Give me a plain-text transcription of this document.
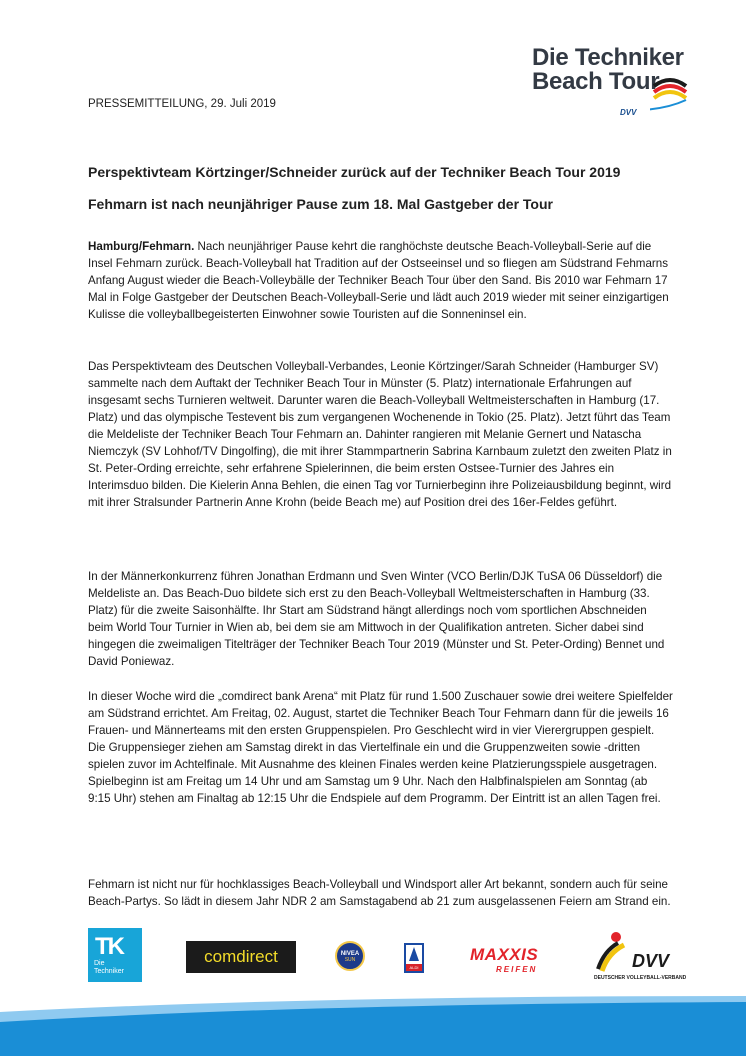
Die Techniker
Beach Tour
DVV
PRESSEMITTEILUNG, 29. Juli 2019
Perspektivteam Körtzinger/Schneider zurück auf der Techniker Beach Tour 2019
Fehmarn ist nach neunjähriger Pause zum 18. Mal Gastgeber der Tour
Hamburg/Fehmarn. Nach neunjähriger Pause kehrt die ranghöchste deutsche Beach-Volleyball-Serie auf die Insel Fehmarn zurück. Beach-Volleyball hat Tradition auf der Ostseeinsel und so fliegen am Südstrand Fehmarns Anfang August wieder die Beach-Volleybälle der Techniker Beach Tour über den Sand. Bis 2010 war Fehmarn 17 Mal in Folge Gastgeber der Deutschen Beach-Volleyball-Serie und lädt auch 2019 wieder mit seiner einzigartigen Kulisse die volleyballbegeisterten Einwohner sowie Touristen auf die Sonneninsel ein.
Das Perspektivteam des Deutschen Volleyball-Verbandes, Leonie Körtzinger/Sarah Schneider (Hamburger SV) sammelte nach dem Auftakt der Techniker Beach Tour in Münster (5. Platz) internationale Erfahrungen auf insgesamt sechs Turnieren weltweit. Darunter waren die Beach-Volleyball Weltmeisterschaften in Hamburg (17. Platz) und das olympische Testevent bis zum vergangenen Wochenende in Tokio (25. Platz). Jetzt führt das Team die Meldeliste der Techniker Beach Tour Fehmarn an. Dahinter rangieren mit Melanie Gernert und Natascha Niemczyk (SV Lohhof/TV Dingolfing), die mit ihrer Stammpartnerin Sabrina Karnbaum zuletzt den zweiten Platz in St. Peter-Ording erreichte, sehr erfahrene Spielerinnen, die beim ersten Ostsee-Turnier des Jahres ein Interimsduo bilden. Die Kielerin Anna Behlen, die einen Tag vor Turnierbeginn ihre Polizeiausbildung beginnt, wird mit ihrer Stralsunder Partnerin Anne Krohn (beide Beach me) auf Position drei des 16er-Feldes geführt.
In der Männerkonkurrenz führen Jonathan Erdmann und Sven Winter (VCO Berlin/DJK TuSA 06 Düsseldorf) die Meldeliste an. Das Beach-Duo bildete sich erst zu den Beach-Volleyball Weltmeisterschaften in Hamburg (33. Platz) für die zweite Saisonhälfte. Ihr Start am Südstrand hängt allerdings noch vom sportlichen Abschneiden beim World Tour Turnier in Wien ab, bei dem sie am Mittwoch in der Qualifikation antreten. Sicher dabei sind hingegen die zweimaligen Titelträger der Techniker Beach Tour 2019 (Münster und St. Peter-Ording) Bennet und David Poniewaz.
In dieser Woche wird die „comdirect bank Arena“ mit Platz für rund 1.500 Zuschauer sowie drei weitere Spielfelder am Südstrand errichtet. Am Freitag, 02. August, startet die Techniker Beach Tour Fehmarn dann für die jeweils 16 Frauen- und Männerteams mit den ersten Gruppenspielen. Pro Geschlecht wird in vier Vierergruppen gespielt. Die Gruppensieger ziehen am Samstag direkt in das Viertelfinale ein und die Gruppenzweiten sowie -dritten spielen zuvor im Achtelfinale. Mit Ausnahme des kleinen Finales werden keine Platzierungsspiele ausgetragen. Spielbeginn ist am Freitag um 14 Uhr und am Samstag um 9 Uhr. Nach den Halbfinalspielen am Sonntag (ab 9:15 Uhr) stehen am Finaltag ab 12:15 Uhr die Endspiele auf dem Programm. Der Eintritt ist an allen Tagen frei.
Fehmarn ist nicht nur für hochklassiges Beach-Volleyball und Windsport aller Art bekannt, sondern auch für seine Beach-Partys. So lädt in diesem Jahr NDR 2 am Samstagabend ab 21 zum ausgelassenen Feiern am Strand ein.
TK
Die
Techniker
comdirect	NIVEA
SUN
ALDI
MAXXIS
REIFEN	DVV
DEUTSCHER VOLLEYBALL-VERBAND
